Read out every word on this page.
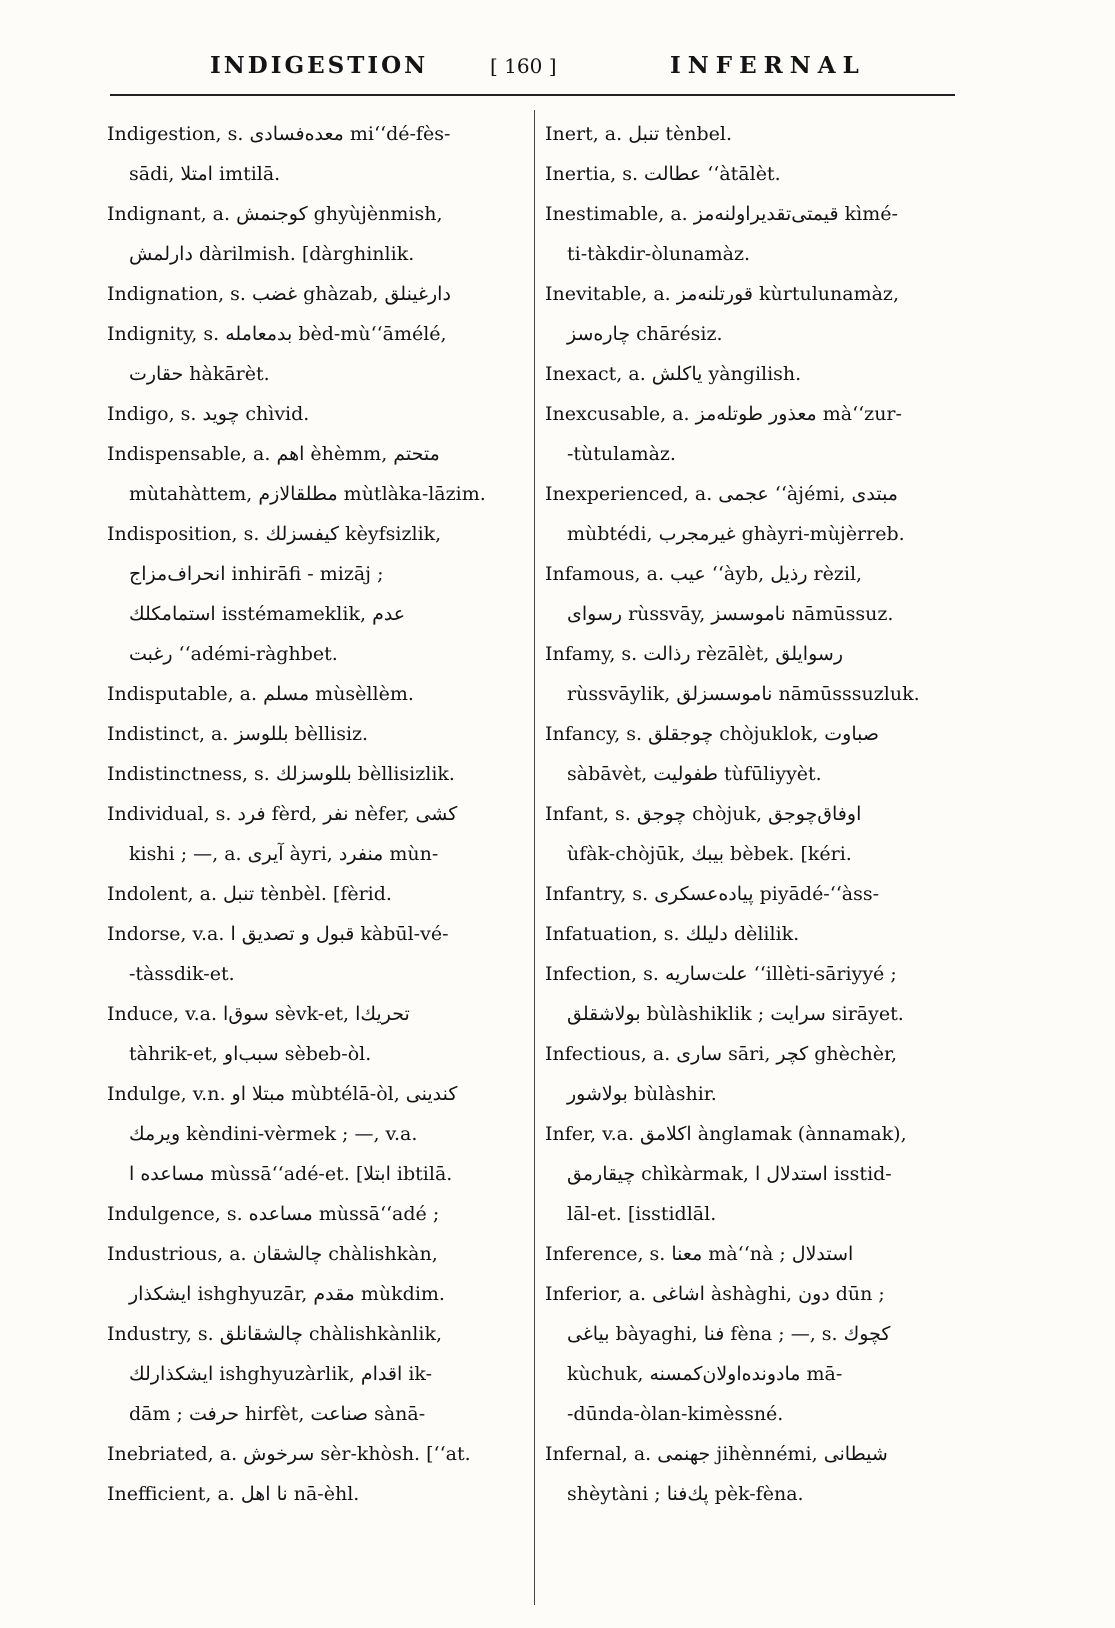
INDIGESTION	[ 160 ]	INFERNAL
Indigestion, s. معده‌فسادی mi‘‘dé-fès-
sādi, امتلا imtilā.
Indignant, a. کوجنمش ghyùjènmish,
دارلمش dàrilmish. [dàrghinlik.
Indignation, s. غضب ghàzab, دارغینلق
Indignity, s. بدمعامله bèd-mù‘‘āmélé,
حقارت hàkārèt.
Indigo, s. چوید chìvid.
Indispensable, a. اهم èhèmm, متحتم
mùtahàttem, مطلقالازم mùtlàka-lāzim.
Indisposition, s. کیفسزلك kèyfsizlik,
انحراف‌مزاج inhirāfi - mizāj ;
استمامکلك isstémameklik, عدم
رغبت ‘‘adémi-ràghbet.
Indisputable, a. مسلم mùsèllèm.
Indistinct, a. بللوسز bèllisiz.
Indistinctness, s. بللوسزلك bèllisizlik.
Individual, s. فرد fèrd, نفر nèfer, کشی
kishi ; —, a. آیری àyri, منفرد mùn-
Indolent, a. تنبل tènbèl. [fèrid.
Indorse, v.a. قبول و تصدیق ا kàbūl-vé-
-tàssdik-et.
Induce, v.a. سوق‌ا sèvk-et, تحریك‌ا
tàhrik-et, سبب‌او sèbeb-òl.
Indulge, v.n. مبتلا او mùbtélā-òl, کندینی
ویرمك kèndini-vèrmek ; —, v.a.
مساعده ا mùssā‘‘adé-et. [ابتلا ibtilā.
Indulgence, s. مساعده mùssā‘‘adé ;
Industrious, a. چالشقان chàlishkàn,
ایشکذار ishghyuzār, مقدم mùkdim.
Industry, s. چالشقانلق chàlishkànlik,
ایشکذارلك ishghyuzàrlik, اقدام ik-
dām ; حرفت hirfèt, صناعت sànā-
Inebriated, a. سرخوش sèr-khòsh. [‘‘at.
Inefficient, a. نا اهل nā-èhl.
Inert, a. تنبل tènbel.
Inertia, s. عطالت ‘‘àtālèt.
Inestimable, a. قیمتی‌تقدیراولنه‌مز kìmé-
ti-tàkdir-òlunamàz.
Inevitable, a. قورتلنه‌مز kùrtulunamàz,
چاره‌سز chārésiz.
Inexact, a. یاکلش yàngilish.
Inexcusable, a. معذور طوتله‌مز mà‘‘zur-
-tùtulamàz.
Inexperienced, a. عجمی ‘‘àjémi, مبتدی
mùbtédi, غیرمجرب ghàyri-mùjèrreb.
Infamous, a. عیب ‘‘àyb, رذیل rèzil,
رسوای rùssvāy, ناموسسز nāmūssuz.
Infamy, s. رذالت rèzālèt, رسوایلق
rùssvāylik, ناموسسزلق nāmūsssuzluk.
Infancy, s. چوجقلق chòjuklok, صباوت
sàbāvèt, طفولیت tùfūliyyèt.
Infant, s. چوجق chòjuk, اوفاق‌چوجق
ùfàk-chòjūk, بیبك bèbek. [kéri.
Infantry, s. پیاده‌عسکری piyādé-‘‘àss-
Infatuation, s. دلیلك dèlilik.
Infection, s. علت‌ساریه ‘‘illèti-sāriyyé ;
بولاشقلق bùlàshiklik ; سرایت sirāyet.
Infectious, a. ساری sāri, کچر ghèchèr,
بولاشور bùlàshir.
Infer, v.a. اکلامق ànglamak (ànnamak),
چیقارمق chìkàrmak, استدلال ا isstid-
lāl-et. [isstidlāl.
Inference, s. معنا mà‘‘nà ; استدلال
Inferior, a. اشاغی àshàghi, دون dūn ;
بیاغی bàyaghi, فنا fèna ; —, s. کچوك
kùchuk, مادونده‌اولان‌کمسنه mā-
-dūnda-òlan-kimèssné.
Infernal, a. جهنمی jihènnémi, شیطانی
shèytàni ; پك‌فنا pèk-fèna.
